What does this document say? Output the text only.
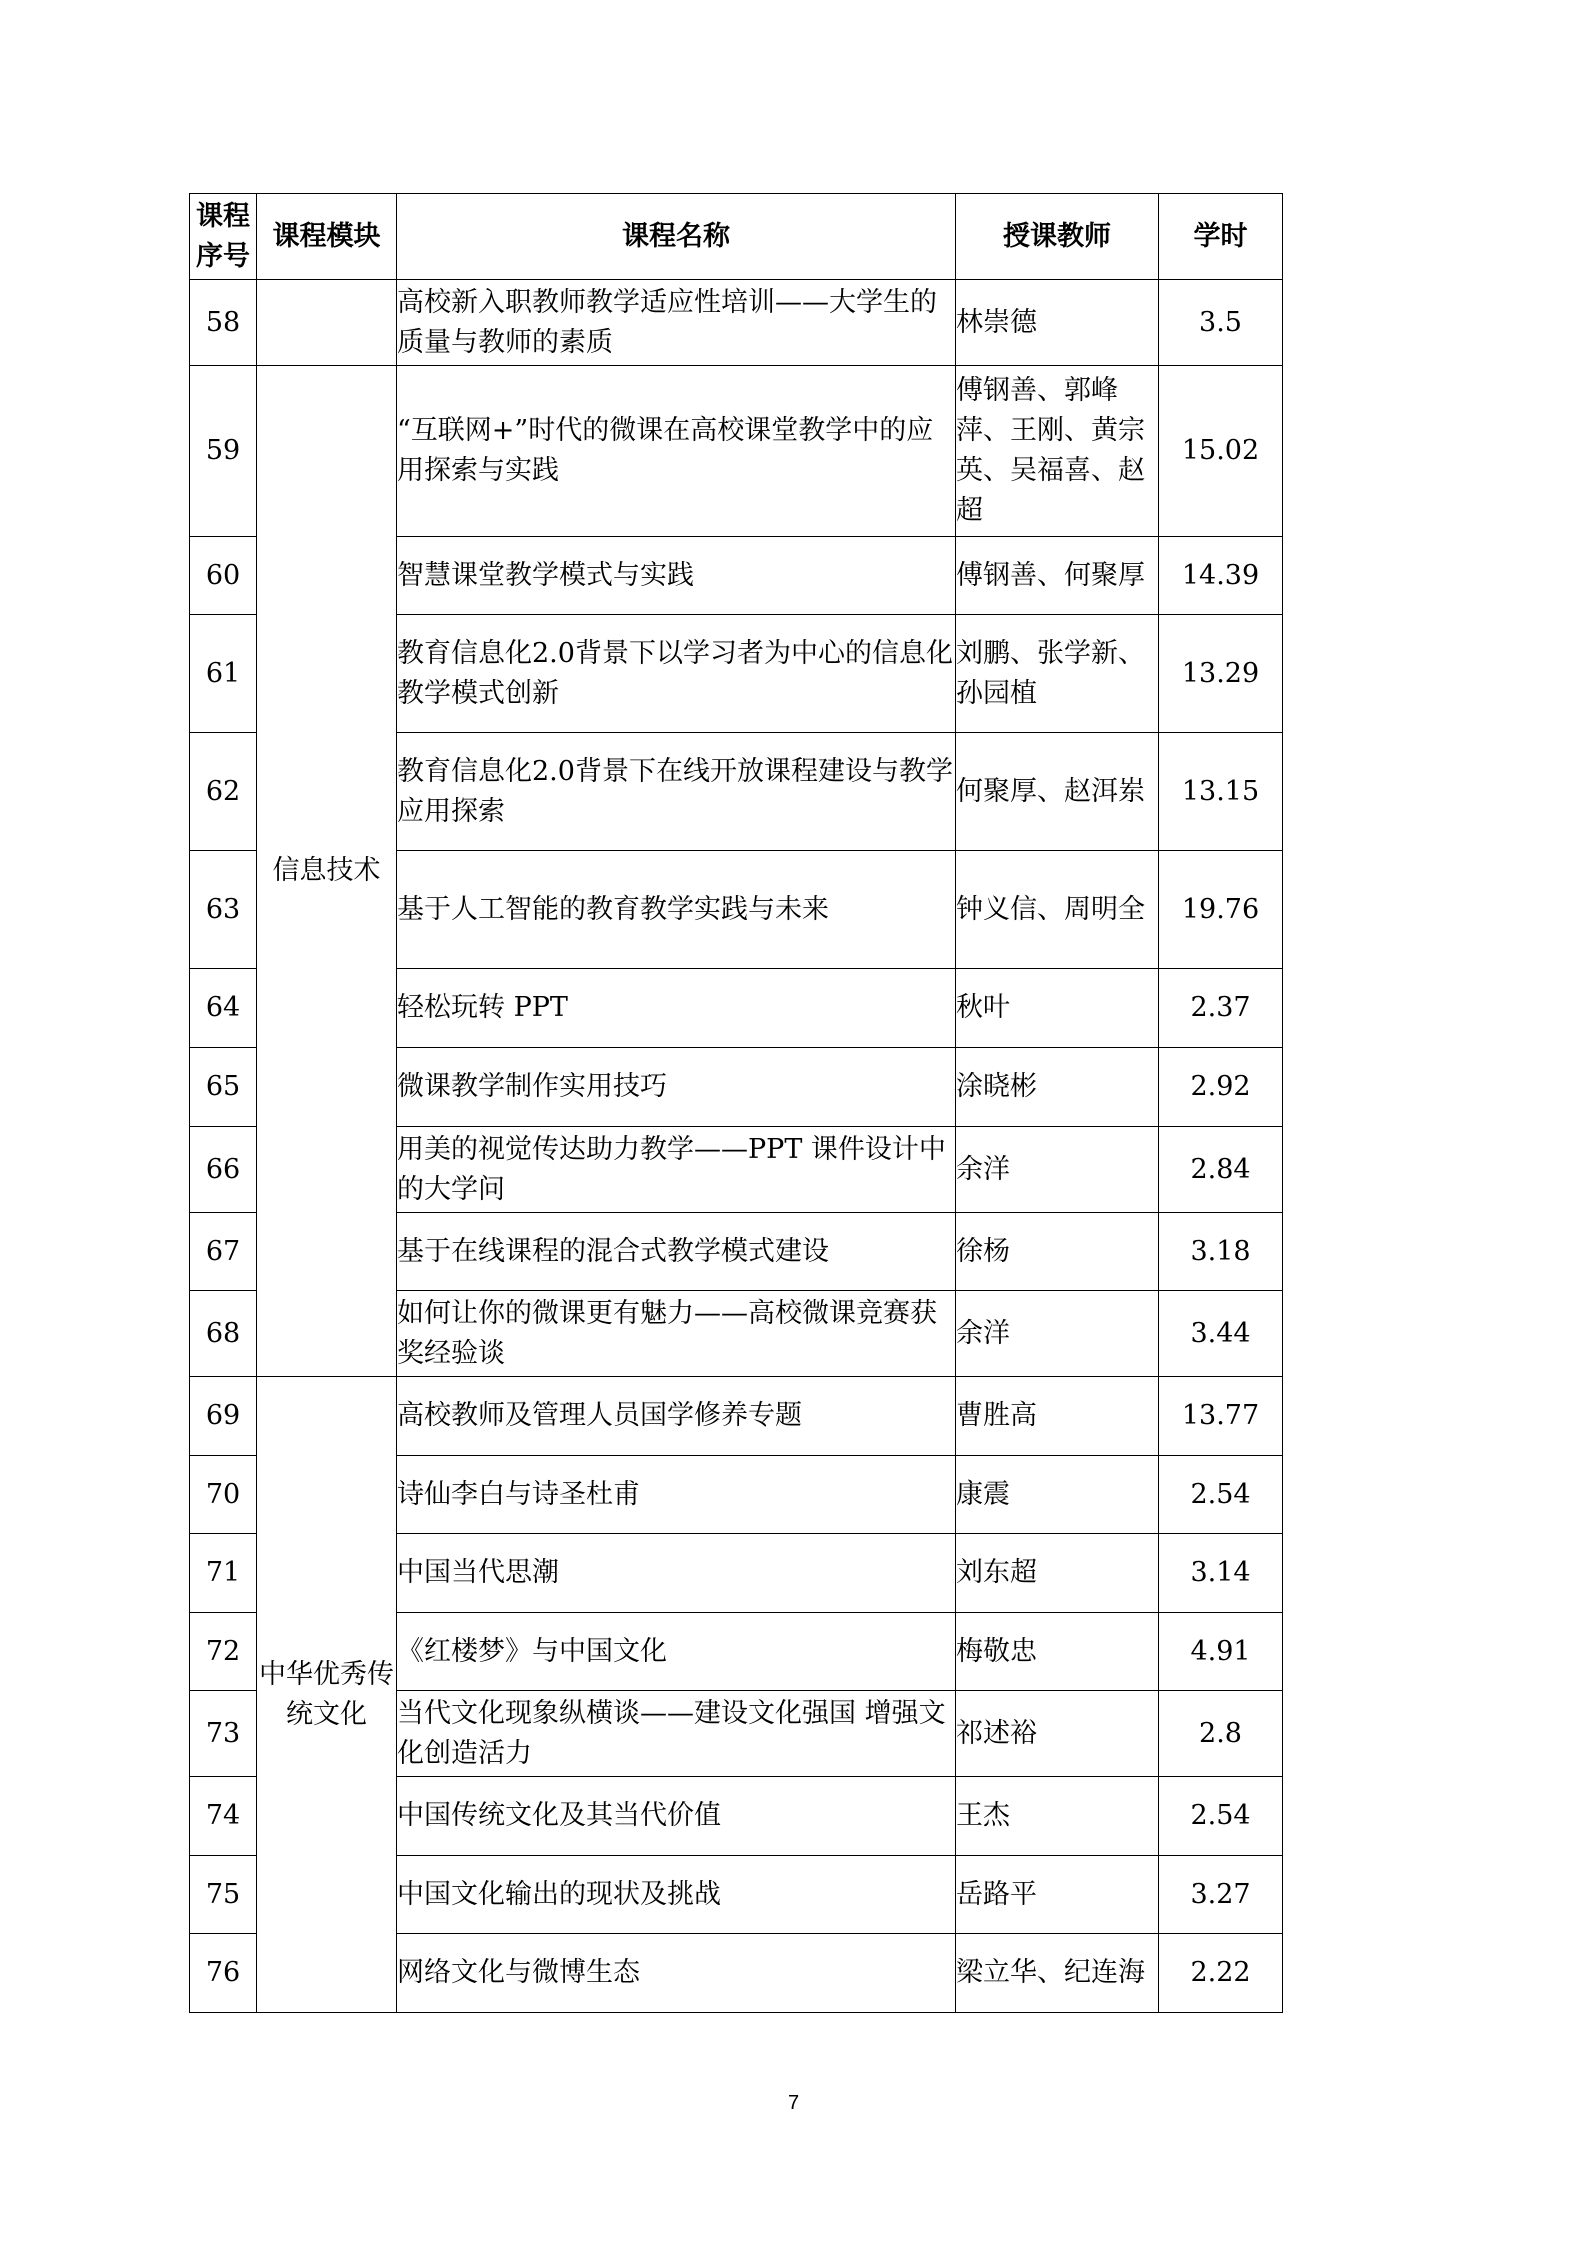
课程序号	课程模块	课程名称	授课教师	学时
58		高校新入职教师教学适应性培训——大学生的质量与教师的素质	林崇德	3.5
59	信息技术	“互联网+”时代的微课在高校课堂教学中的应用探索与实践	傅钢善、郭峰萍、王刚、黄宗英、吴福喜、赵超	15.02
60		智慧课堂教学模式与实践	傅钢善、何聚厚	14.39
61		教育信息化2.0背景下以学习者为中心的信息化教学模式创新	刘鹏、张学新、孙园植	13.29
62		教育信息化2.0背景下在线开放课程建设与教学应用探索	何聚厚、赵洱岽	13.15
63		基于人工智能的教育教学实践与未来	钟义信、周明全	19.76
64		轻松玩转 PPT	秋叶	2.37
65		微课教学制作实用技巧	涂晓彬	2.92
66		用美的视觉传达助力教学——PPT 课件设计中的大学问	余洋	2.84
67		基于在线课程的混合式教学模式建设	徐杨	3.18
68		如何让你的微课更有魅力——高校微课竞赛获奖经验谈	余洋	3.44
69	中华优秀传统文化	高校教师及管理人员国学修养专题	曹胜高	13.77
70		诗仙李白与诗圣杜甫	康震	2.54
71		中国当代思潮	刘东超	3.14
72		《红楼梦》与中国文化	梅敬忠	4.91
73		当代文化现象纵横谈——建设文化强国 增强文化创造活力	祁述裕	2.8
74		中国传统文化及其当代价值	王杰	2.54
75		中国文化输出的现状及挑战	岳路平	3.27
76		网络文化与微博生态	梁立华、纪连海	2.22
7
